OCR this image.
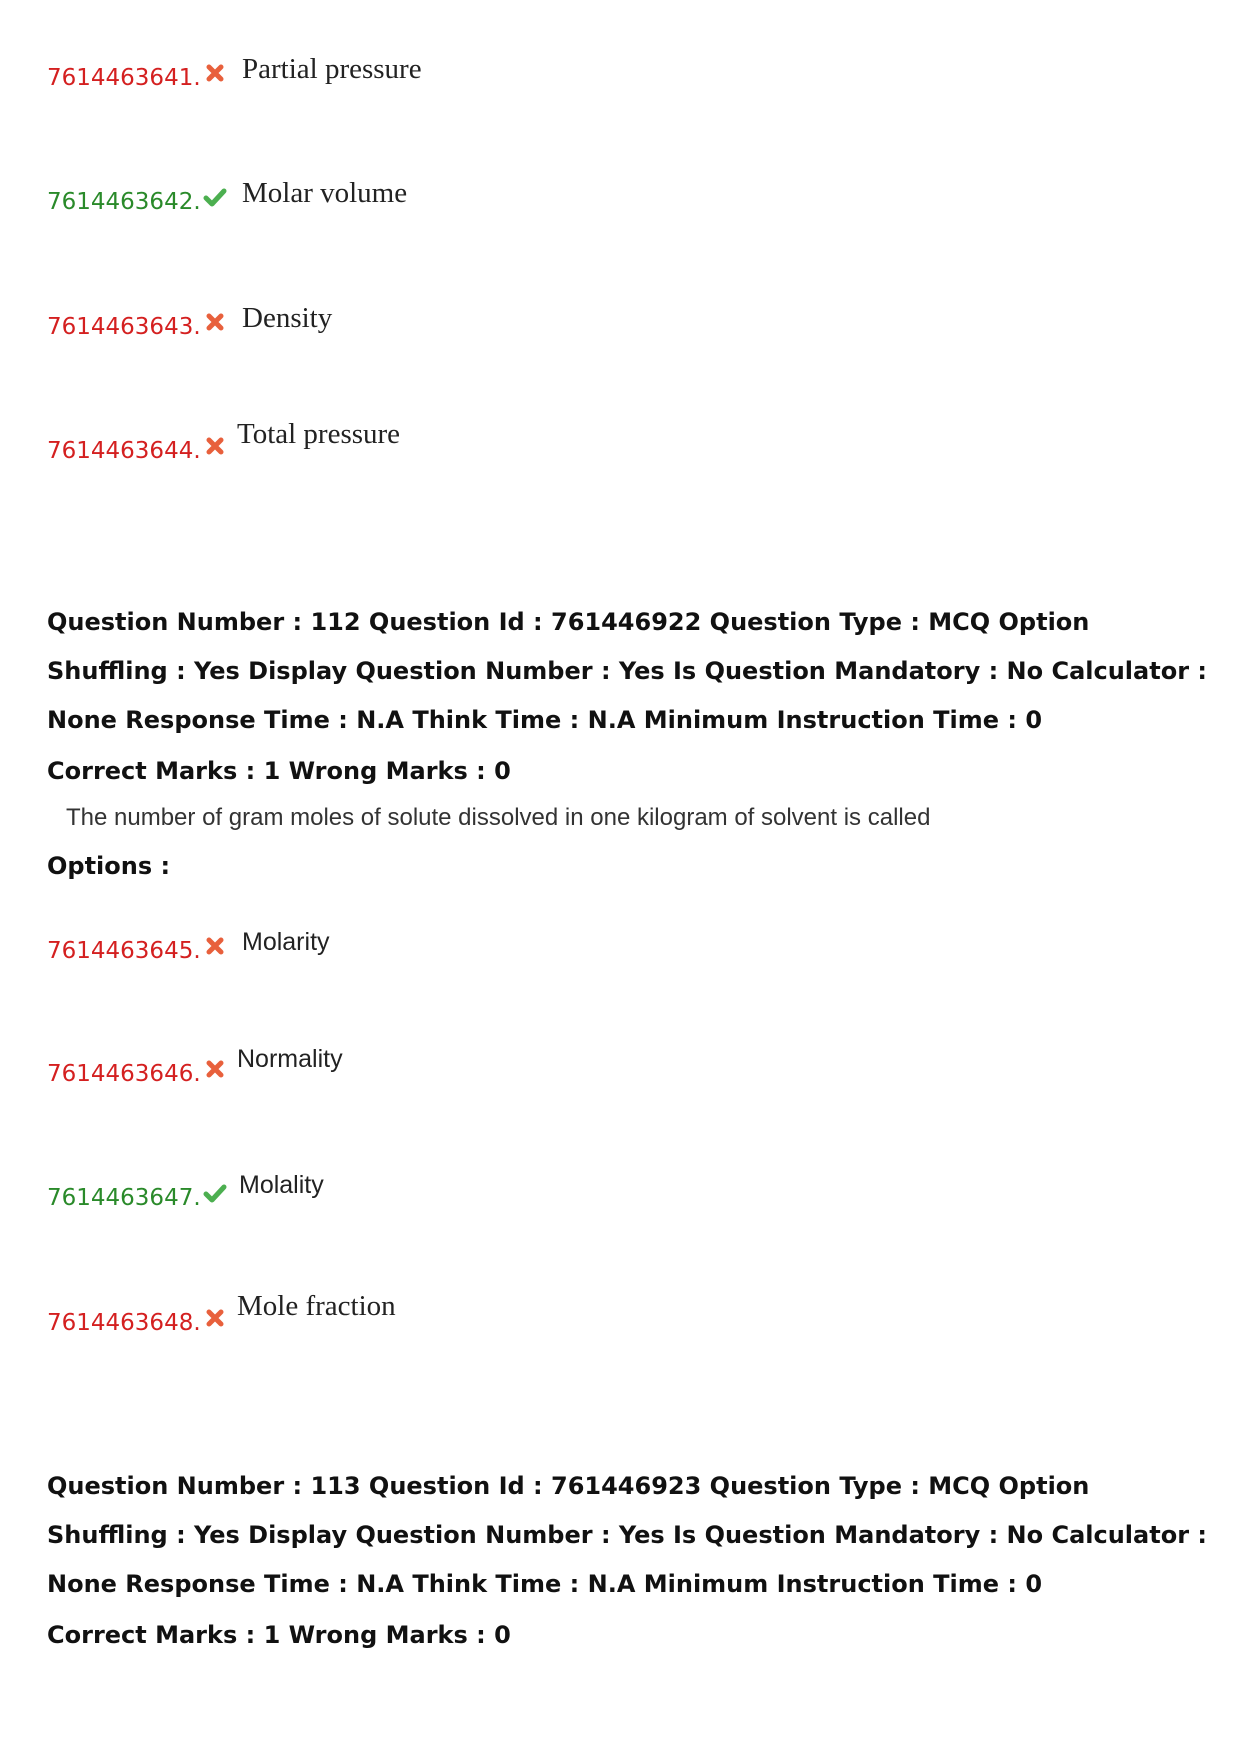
7614463641. Partial pressure
7614463642. Molar volume
7614463643. Density
7614463644.
Total pressure
Question Number : 112 Question Id : 761446922 Question Type : MCQ Option Shuffling : Yes Display Question Number : Yes Is Question Mandatory : No Calculator : None Response Time : N.A Think Time : N.A Minimum Instruction Time : 0
Correct Marks : 1 Wrong Marks : 0
The number of gram moles of solute dissolved in one kilogram of solvent is called
Options :
7614463645. Molarity
7614463646.
Normality
7614463647. Molality
7614463648.
Mole fraction
Question Number : 113 Question Id : 761446923 Question Type : MCQ Option Shuffling : Yes Display Question Number : Yes Is Question Mandatory : No Calculator : None Response Time : N.A Think Time : N.A Minimum Instruction Time : 0
Correct Marks : 1 Wrong Marks : 0
